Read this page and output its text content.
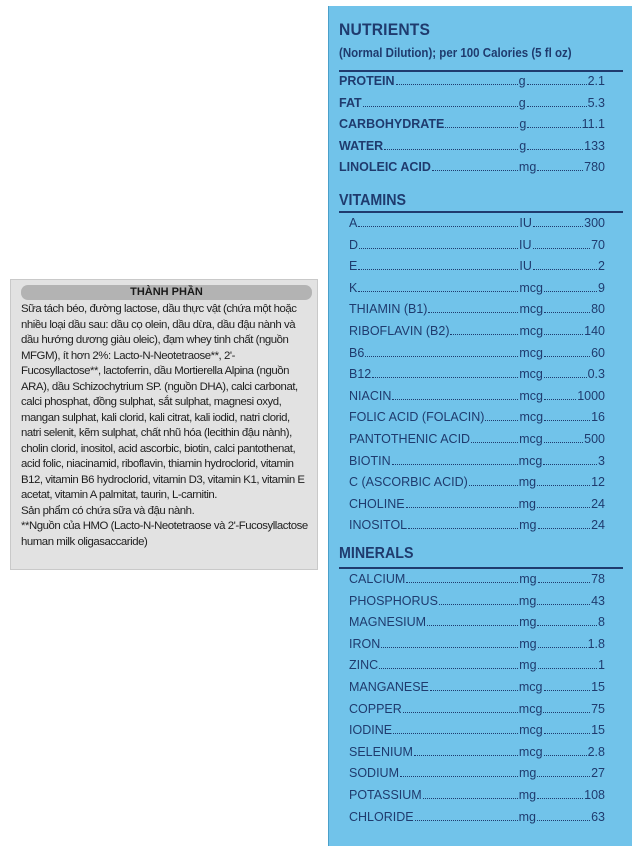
THÀNH PHẦN

Sữa tách béo, đường lactose, dầu thực vật (chứa một hoặc nhiều loại dầu sau: dầu cọ olein, dầu dừa, dầu đậu nành và dầu hướng dương giàu oleic), đạm whey tinh chất (nguồn MFGM), ít hơn 2%: Lacto-N-Neotetraose**, 2'-Fucosyllactose**, lactoferrin, dầu Mortierella Alpina (nguồn ARA), dầu Schizochytrium SP. (nguồn DHA), calci carbonat, calci phosphat, đồng sulphat, sắt sulphat, magnesi oxyd, mangan sulphat, kali clorid, kali citrat, kali iodid, natri clorid, natri selenit, kẽm sulphat, chất nhũ hóa (lecithin đậu nành), cholin clorid, inositol, acid ascorbic, biotin, calci pantothenat, acid folic, niacinamid, riboflavin, thiamin hydroclorid, vitamin B12, vitamin B6 hydroclorid, vitamin D3, vitamin K1, vitamin E acetat, vitamin A palmitat, taurin, L-carnitin.

Sản phẩm có chứa sữa và đậu nành.

**Nguồn của HMO (Lacto-N-Neotetraose và 2'-Fucosyllactose human milk oligasaccaride)

NUTRIENTS
(Normal Dilution); per 100 Calories (5 fl oz)
PROTEIN	g	2.1
FAT	g	5.3
CARBOHYDRATE	g	11.1
WATER	g	133
LINOLEIC ACID	mg	780
VITAMINS
A	IU	300
D	IU	70
E	IU	2
K	mcg	9
THIAMIN (B1)	mcg	80
RIBOFLAVIN (B2)	mcg	140
B6	mcg	60
B12	mcg	0.3
NIACIN	mcg	1000
FOLIC ACID (FOLACIN)	mcg	16
PANTOTHENIC ACID	mcg	500
BIOTIN	mcg	3
C (ASCORBIC ACID)	mg	12
CHOLINE	mg	24
INOSITOL	mg	24
MINERALS
CALCIUM	mg	78
PHOSPHORUS	mg	43
MAGNESIUM	mg	8
IRON	mg	1.8
ZINC	mg	1
MANGANESE	mcg	15
COPPER	mcg	75
IODINE	mcg	15
SELENIUM	mcg	2.8
SODIUM	mg	27
POTASSIUM	mg	108
CHLORIDE	mg	63
